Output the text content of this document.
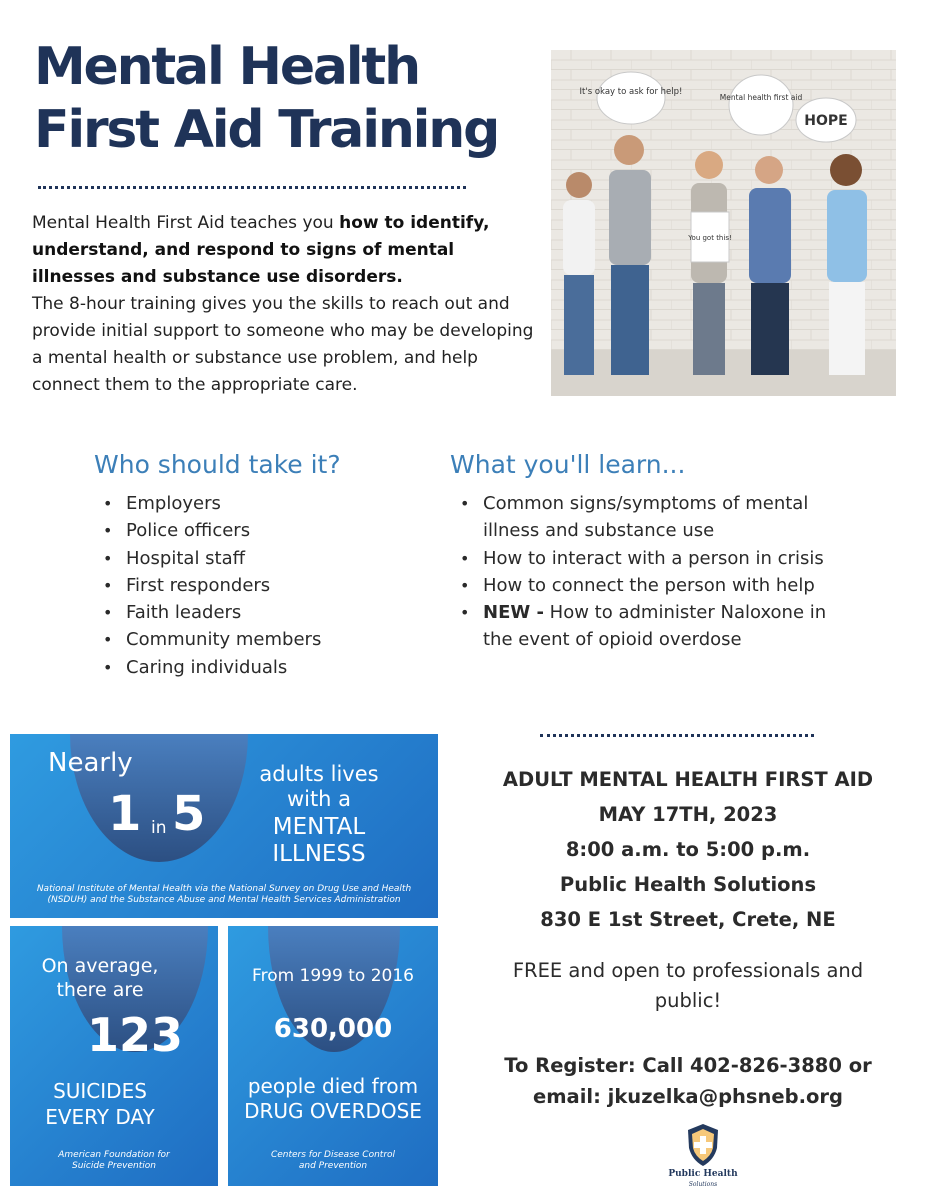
Mental Health
First Aid Training
Mental Health First Aid teaches you how to identify, understand, and respond to signs of mental illnesses and substance use disorders.
The 8-hour training gives you the skills to reach out and provide initial support to someone who may be developing a mental health or substance use problem, and help connect them to the appropriate care.
It's okay to ask for help!
Mental health first aid
HOPE
You got this!
Who should take it?
• Employers
• Police officers
• Hospital staff
• First responders
• Faith leaders
• Community members
• Caring individuals
What you'll learn...
• Common signs/symptoms of mental illness and substance use
• How to interact with a person in crisis
• How to connect the person with help
• NEW - How to administer Naloxone in the event of opioid overdose
Nearly
1 in 5
adults lives
with a
MENTAL
ILLNESS
National Institute of Mental Health via the National Survey on Drug Use and Health (NSDUH) and the Substance Abuse and Mental Health Services Administration
On average,
there are
123
SUICIDES
EVERY DAY
American Foundation for
Suicide Prevention
From 1999 to 2016
630,000
people died from
DRUG OVERDOSE
Centers for Disease Control
and Prevention
ADULT MENTAL HEALTH FIRST AID
MAY 17TH, 2023
8:00 a.m. to 5:00 p.m.
Public Health Solutions
830 E 1st Street, Crete, NE
FREE and open to professionals and
public!
To Register: Call 402-826-3880 or
email: jkuzelka@phsneb.org
Public Health
Solutions
